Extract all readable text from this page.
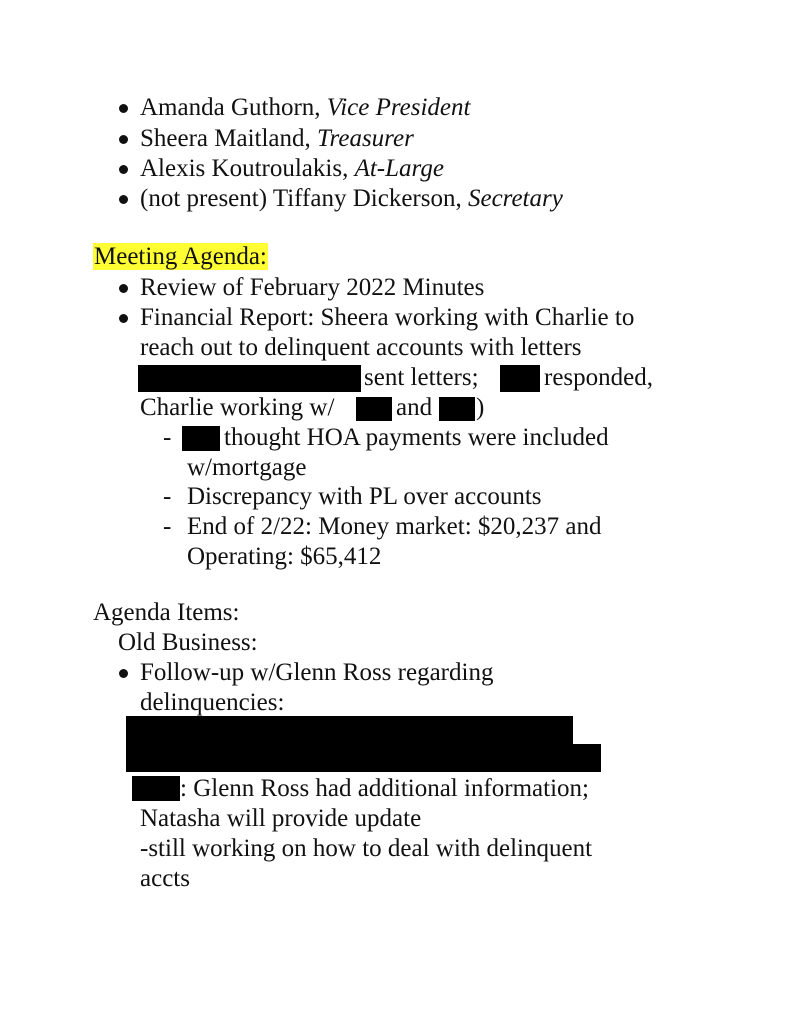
Amanda Guthorn, Vice President
Sheera Maitland, Treasurer
Alexis Koutroulakis, At-Large
(not present) Tiffany Dickerson, Secretary
Meeting Agenda:
Review of February 2022 Minutes
Financial Report: Sheera working with Charlie to
reach out to delinquent accounts with letters
sent letters;	responded,
Charlie working w/ and )
- thought HOA payments were included
w/mortgage
- Discrepancy with PL over accounts
- End of 2/22: Money market: $20,237 and
Operating: $65,412
Agenda Items:
Old Business:
Follow-up w/Glenn Ross regarding
delinquencies:
: Glenn Ross had additional information;
Natasha will provide update
-still working on how to deal with delinquent
accts
